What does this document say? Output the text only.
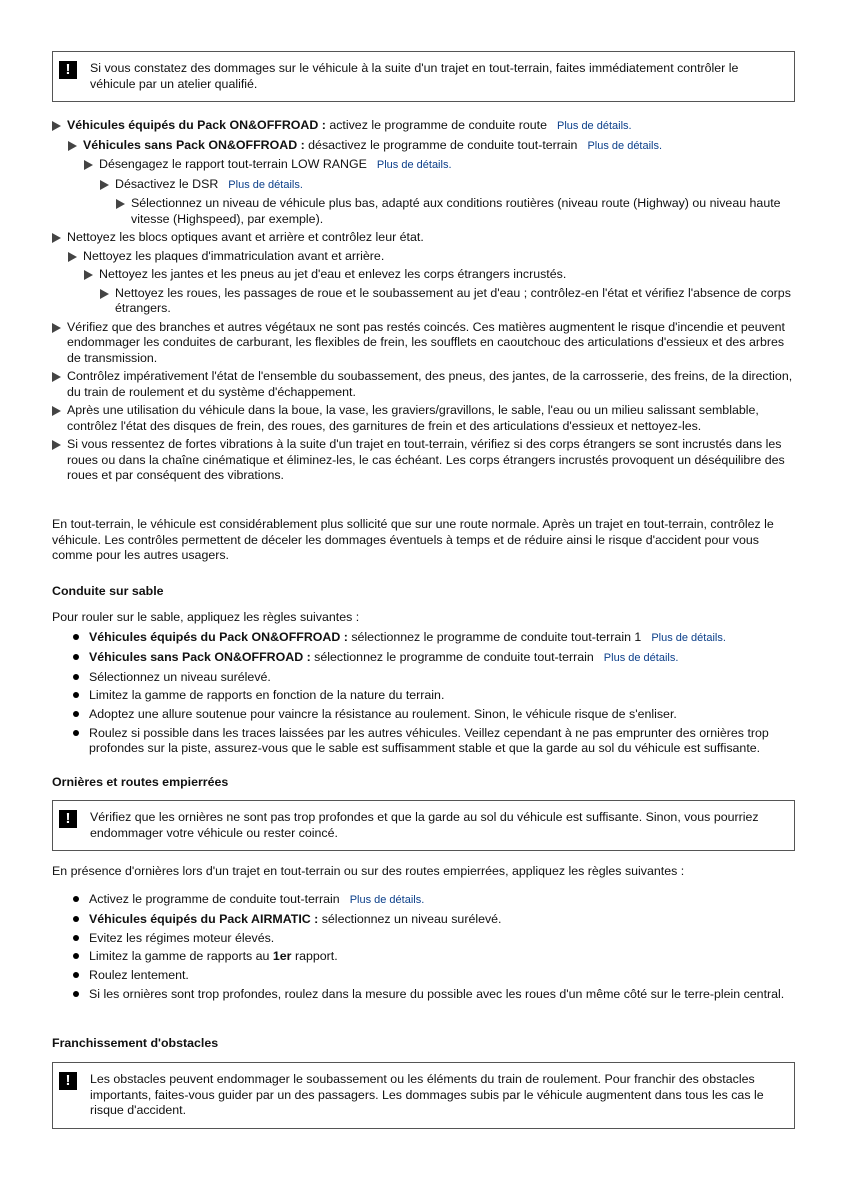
!	Si vous constatez des dommages sur le véhicule à la suite d'un trajet en tout-terrain, faites immédiatement contrôler le véhicule par un atelier qualifié.
Véhicules équipés du Pack ON&OFFROAD : activez le programme de conduite route Plus de détails.
Véhicules sans Pack ON&OFFROAD : désactivez le programme de conduite tout-terrain Plus de détails.
Désengagez le rapport tout-terrain LOW RANGE Plus de détails.
Désactivez le DSR Plus de détails.
Sélectionnez un niveau de véhicule plus bas, adapté aux conditions routières (niveau route (Highway) ou niveau haute vitesse (Highspeed), par exemple).
Nettoyez les blocs optiques avant et arrière et contrôlez leur état.
Nettoyez les plaques d'immatriculation avant et arrière.
Nettoyez les jantes et les pneus au jet d'eau et enlevez les corps étrangers incrustés.
Nettoyez les roues, les passages de roue et le soubassement au jet d'eau ; contrôlez-en l'état et vérifiez l'absence de corps étrangers.
Vérifiez que des branches et autres végétaux ne sont pas restés coincés. Ces matières augmentent le risque d'incendie et peuvent endommager les conduites de carburant, les flexibles de frein, les soufflets en caoutchouc des articulations d'essieux et des arbres de transmission.
Contrôlez impérativement l'état de l'ensemble du soubassement, des pneus, des jantes, de la carrosserie, des freins, de la direction, du train de roulement et du système d'échappement.
Après une utilisation du véhicule dans la boue, la vase, les graviers/gravillons, le sable, l'eau ou un milieu salissant semblable, contrôlez l'état des disques de frein, des roues, des garnitures de frein et des articulations d'essieux et nettoyez-les.
Si vous ressentez de fortes vibrations à la suite d'un trajet en tout-terrain, vérifiez si des corps étrangers se sont incrustés dans les roues ou dans la chaîne cinématique et éliminez-les, le cas échéant. Les corps étrangers incrustés provoquent un déséquilibre des roues et par conséquent des vibrations.
En tout-terrain, le véhicule est considérablement plus sollicité que sur une route normale. Après un trajet en tout-terrain, contrôlez le véhicule. Les contrôles permettent de déceler les dommages éventuels à temps et de réduire ainsi le risque d'accident pour vous comme pour les autres usagers.
Conduite sur sable
Pour rouler sur le sable, appliquez les règles suivantes :
Véhicules équipés du Pack ON&OFFROAD : sélectionnez le programme de conduite tout-terrain 1 Plus de détails.
Véhicules sans Pack ON&OFFROAD : sélectionnez le programme de conduite tout-terrain Plus de détails.
Sélectionnez un niveau surélevé.
Limitez la gamme de rapports en fonction de la nature du terrain.
Adoptez une allure soutenue pour vaincre la résistance au roulement. Sinon, le véhicule risque de s'enliser.
Roulez si possible dans les traces laissées par les autres véhicules. Veillez cependant à ne pas emprunter des ornières trop profondes sur la piste, assurez-vous que le sable est suffisamment stable et que la garde au sol du véhicule est suffisante.
Ornières et routes empierrées
!	Vérifiez que les ornières ne sont pas trop profondes et que la garde au sol du véhicule est suffisante. Sinon, vous pourriez endommager votre véhicule ou rester coincé.
En présence d'ornières lors d'un trajet en tout-terrain ou sur des routes empierrées, appliquez les règles suivantes :
Activez le programme de conduite tout-terrain Plus de détails.
Véhicules équipés du Pack AIRMATIC : sélectionnez un niveau surélevé.
Evitez les régimes moteur élevés.
Limitez la gamme de rapports au 1er rapport.
Roulez lentement.
Si les ornières sont trop profondes, roulez dans la mesure du possible avec les roues d'un même côté sur le terre-plein central.
Franchissement d'obstacles
!	Les obstacles peuvent endommager le soubassement ou les éléments du train de roulement. Pour franchir des obstacles importants, faites-vous guider par un des passagers. Les dommages subis par le véhicule augmentent dans tous les cas le risque d'accident.
